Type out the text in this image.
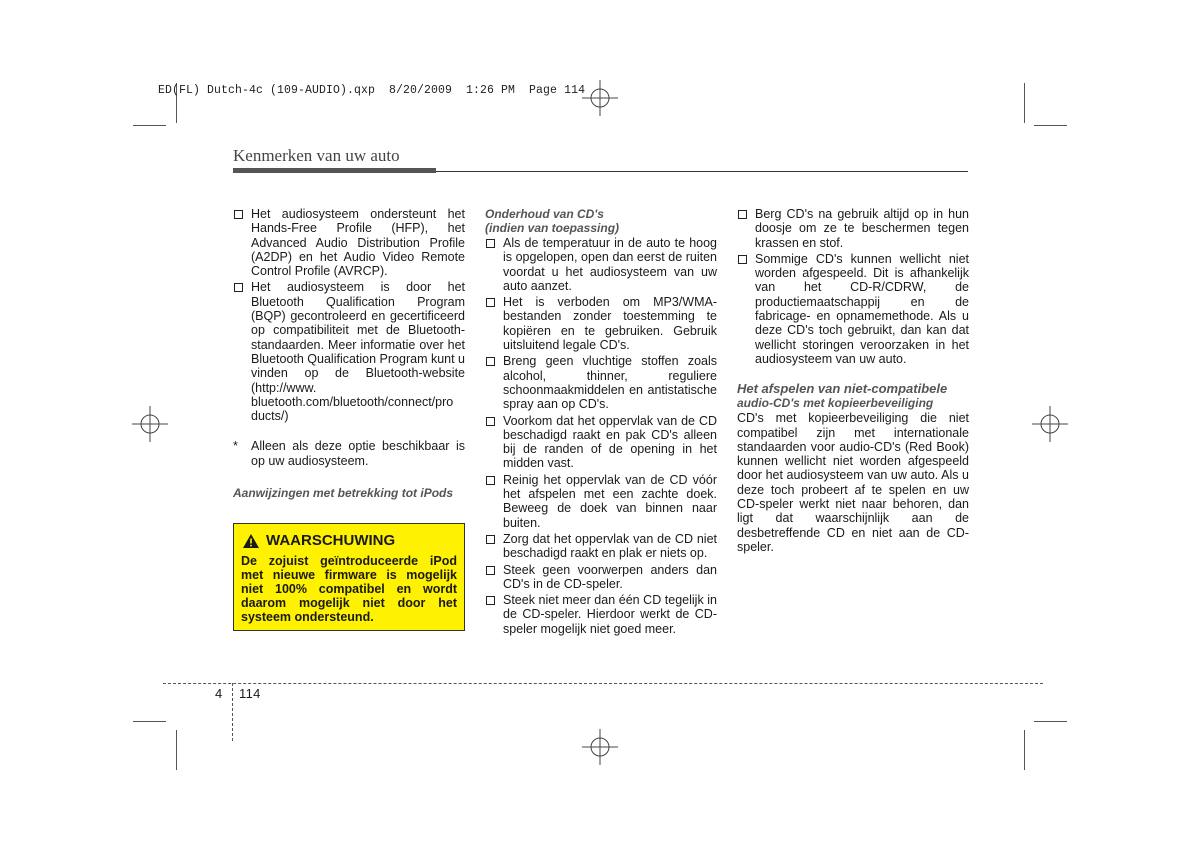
ED(FL) Dutch-4c (109-AUDIO).qxp  8/20/2009  1:26 PM  Page 114
Kenmerken van uw auto
Het audiosysteem ondersteunt het Hands-Free Profile (HFP), het Advanced Audio Distribution Profile (A2DP) en het Audio Video Remote Control Profile (AVRCP).
Het audiosysteem is door het Bluetooth Qualification Program (BQP) gecontroleerd en gecertificeerd op compatibiliteit met de Bluetooth-standaarden. Meer informatie over het Bluetooth Qualification Program kunt u vinden op de Bluetooth-website (http://www. bluetooth.com/bluetooth/connect/pro ducts/)
* Alleen als deze optie beschikbaar is op uw audiosysteem.
Aanwijzingen met betrekking tot iPods
WAARSCHUWING
De zojuist geïntroduceerde iPod met nieuwe firmware is mogelijk niet 100% compatibel en wordt daarom mogelijk niet door het systeem ondersteund.
Onderhoud van CD's
(indien van toepassing)
Als de temperatuur in de auto te hoog is opgelopen, open dan eerst de ruiten voordat u het audiosysteem van uw auto aanzet.
Het is verboden om MP3/WMA-bestanden zonder toestemming te kopiëren en te gebruiken. Gebruik uitsluitend legale CD's.
Breng geen vluchtige stoffen zoals alcohol, thinner, reguliere schoonmaakmiddelen en antistatische spray aan op CD's.
Voorkom dat het oppervlak van de CD beschadigd raakt en pak CD's alleen bij de randen of de opening in het midden vast.
Reinig het oppervlak van de CD vóór het afspelen met een zachte doek. Beweeg de doek van binnen naar buiten.
Zorg dat het oppervlak van de CD niet beschadigd raakt en plak er niets op.
Steek geen voorwerpen anders dan CD's in de CD-speler.
Steek niet meer dan één CD tegelijk in de CD-speler. Hierdoor werkt de CD-speler mogelijk niet goed meer.
Berg CD's na gebruik altijd op in hun doosje om ze te beschermen tegen krassen en stof.
Sommige CD's kunnen wellicht niet worden afgespeeld. Dit is afhankelijk van het CD-R/CDRW, de productiemaatschappij en de fabricage- en opnamemethode. Als u deze CD's toch gebruikt, dan kan dat wellicht storingen veroorzaken in het audiosysteem van uw auto.
Het afspelen van niet-compatibele
audio-CD's met kopieerbeveiliging
CD's met kopieerbeveiliging die niet compatibel zijn met internationale standaarden voor audio-CD's (Red Book) kunnen wellicht niet worden afgespeeld door het audiosysteem van uw auto. Als u deze toch probeert af te spelen en uw CD-speler werkt niet naar behoren, dan ligt dat waarschijnlijk aan de desbetreffende CD en niet aan de CD-speler.
4 114
